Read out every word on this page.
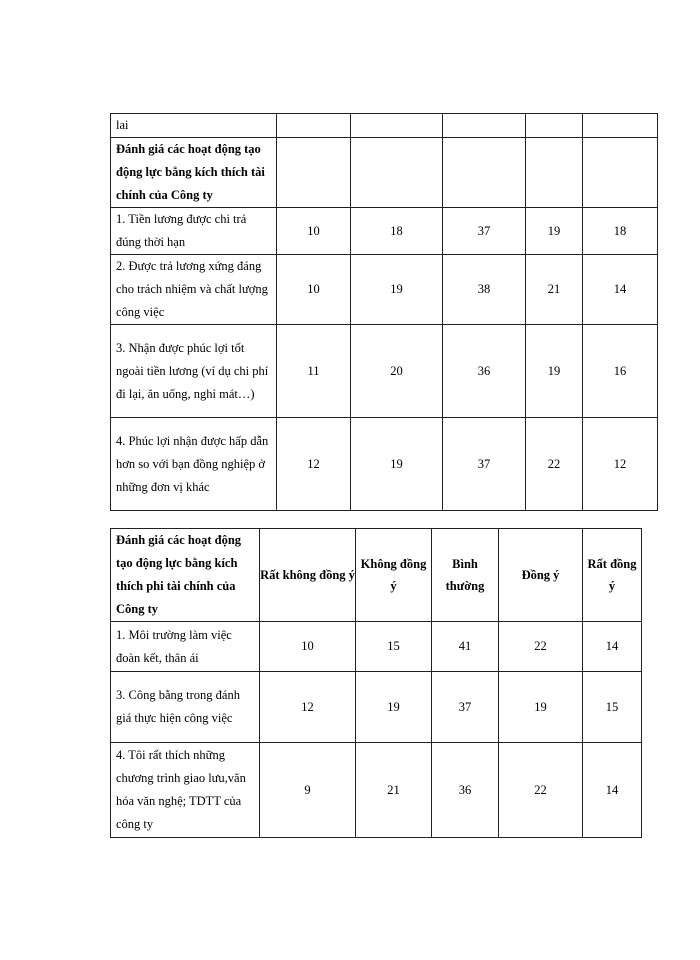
lai					
Đánh giá các hoạt động tạo động lực bằng kích thích tài chính của Công ty					
1. Tiền lương được chi trả đúng thời hạn	10	18	37	19	18
2. Được trả lương xứng đáng cho trách nhiệm và chất lượng công việc	10	19	38	21	14
3. Nhận được phúc lợi tốt ngoài tiền lương (ví dụ chi phí đi lại, ăn uống, nghỉ mát…)	11	20	36	19	16
4. Phúc lợi nhận được hấp dẫn hơn so với bạn đồng nghiệp ở những đơn vị khác	12	19	37	22	12
Đánh giá các hoạt động tạo động lực bằng kích thích phi tài chính của Công ty	Rất không đồng ý	Không đồng ý	Bình thường	Đồng ý	Rất đồng ý
1. Môi trường làm việc đoàn kết, thân ái	10	15	41	22	14
3. Công bằng trong đánh giá thực hiện công việc	12	19	37	19	15
4. Tôi rất thích những chương trình giao lưu,văn hóa văn nghệ; TDTT của công ty	9	21	36	22	14
